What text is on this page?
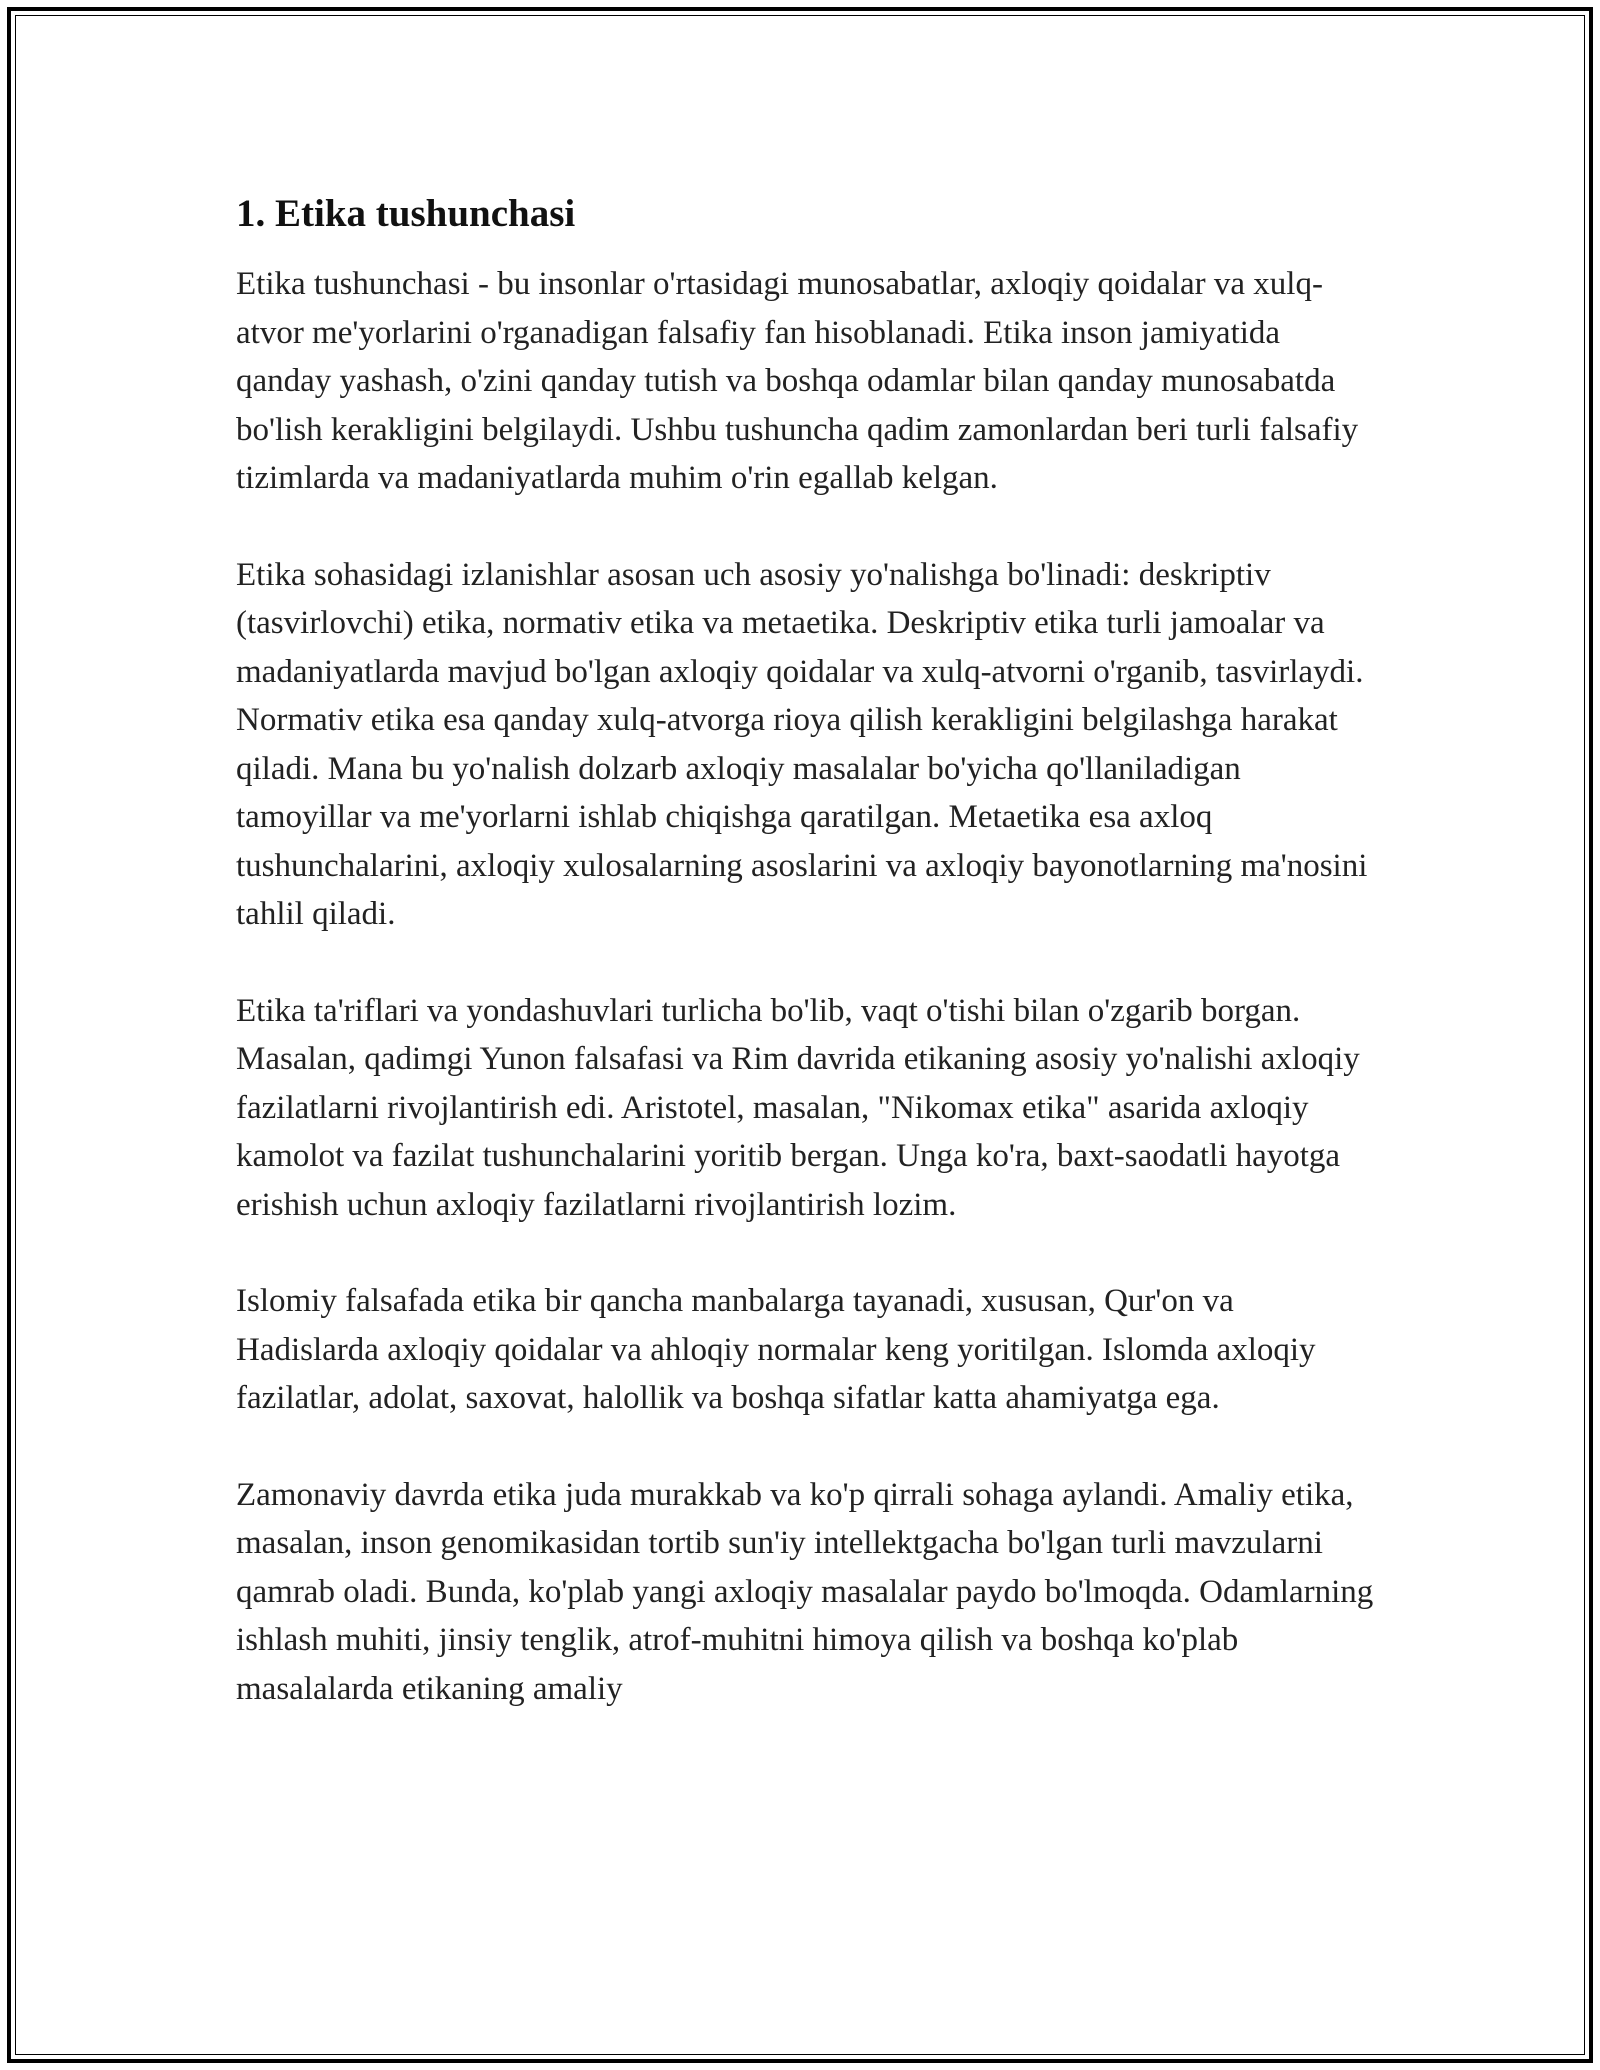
1. Etika tushunchasi

Etika tushunchasi - bu insonlar o'rtasidagi munosabatlar, axloqiy qoidalar va xulq-atvor me'yorlarini o'rganadigan falsafiy fan hisoblanadi. Etika inson jamiyatida qanday yashash, o'zini qanday tutish va boshqa odamlar bilan qanday munosabatda bo'lish kerakligini belgilaydi. Ushbu tushuncha qadim zamonlardan beri turli falsafiy tizimlarda va madaniyatlarda muhim o'rin egallab kelgan.

Etika sohasidagi izlanishlar asosan uch asosiy yo'nalishga bo'linadi: deskriptiv (tasvirlovchi) etika, normativ etika va metaetika. Deskriptiv etika turli jamoalar va madaniyatlarda mavjud bo'lgan axloqiy qoidalar va xulq-atvorni o'rganib, tasvirlaydi. Normativ etika esa qanday xulq-atvorga rioya qilish kerakligini belgilashga harakat qiladi. Mana bu yo'nalish dolzarb axloqiy masalalar bo'yicha qo'llaniladigan tamoyillar va me'yorlarni ishlab chiqishga qaratilgan. Metaetika esa axloq tushunchalarini, axloqiy xulosalarning asoslarini va axloqiy bayonotlarning ma'nosini tahlil qiladi.

Etika ta'riflari va yondashuvlari turlicha bo'lib, vaqt o'tishi bilan o'zgarib borgan. Masalan, qadimgi Yunon falsafasi va Rim davrida etikaning asosiy yo'nalishi axloqiy fazilatlarni rivojlantirish edi. Aristotel, masalan, "Nikomax etika" asarida axloqiy kamolot va fazilat tushunchalarini yoritib bergan. Unga ko'ra, baxt-saodatli hayotga erishish uchun axloqiy fazilatlarni rivojlantirish lozim.

Islomiy falsafada etika bir qancha manbalarga tayanadi, xususan, Qur'on va Hadislarda axloqiy qoidalar va ahloqiy normalar keng yoritilgan. Islomda axloqiy fazilatlar, adolat, saxovat, halollik va boshqa sifatlar katta ahamiyatga ega.

Zamonaviy davrda etika juda murakkab va ko'p qirrali sohaga aylandi. Amaliy etika, masalan, inson genomikasidan tortib sun'iy intellektgacha bo'lgan turli mavzularni qamrab oladi. Bunda, ko'plab yangi axloqiy masalalar paydo bo'lmoqda. Odamlarning ishlash muhiti, jinsiy tenglik, atrof-muhitni himoya qilish va boshqa ko'plab masalalarda etikaning amaliy
